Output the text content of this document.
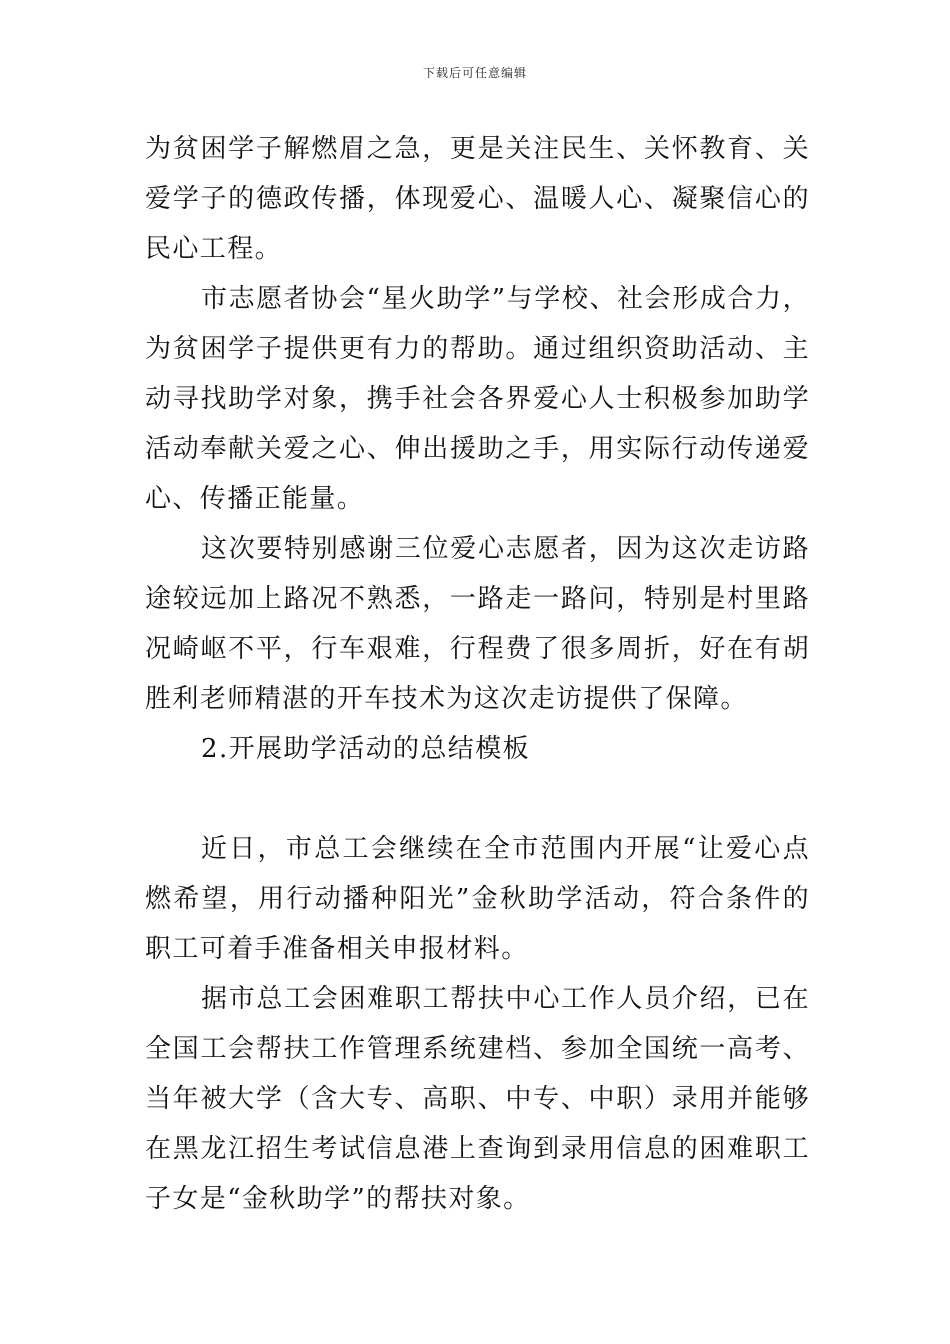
下载后可任意编辑

为贫困学子解燃眉之急，更是关注民生、关怀教育、关爱学子的德政传播，体现爱心、温暖人心、凝聚信心的民心工程。

市志愿者协会“星火助学”与学校、社会形成合力，为贫困学子提供更有力的帮助。通过组织资助活动、主动寻找助学对象，携手社会各界爱心人士积极参加助学活动奉献关爱之心、伸出援助之手，用实际行动传递爱心、传播正能量。

这次要特别感谢三位爱心志愿者，因为这次走访路途较远加上路况不熟悉，一路走一路问，特别是村里路况崎岖不平，行车艰难，行程费了很多周折，好在有胡胜利老师精湛的开车技术为这次走访提供了保障。

2.开展助学活动的总结模板

近日，市总工会继续在全市范围内开展“让爱心点燃希望，用行动播种阳光”金秋助学活动，符合条件的职工可着手准备相关申报材料。

据市总工会困难职工帮扶中心工作人员介绍，已在全国工会帮扶工作管理系统建档、参加全国统一高考、当年被大学（含大专、高职、中专、中职）录用并能够在黑龙江招生考试信息港上查询到录用信息的困难职工子女是“金秋助学”的帮扶对象。
